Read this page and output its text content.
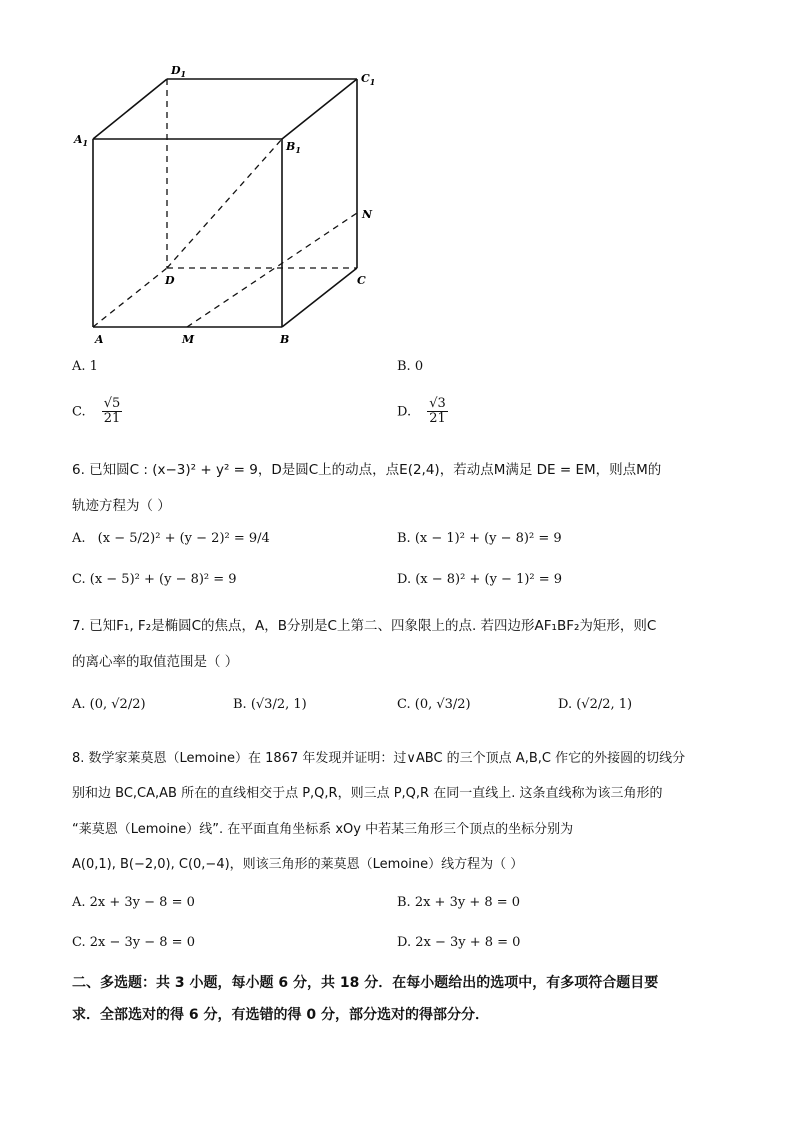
$A_1$
$D_1$	$C_1$
$B_1$
N
D	C
A	M	B
A. 1	B. 0
C. $\frac{√5}{21}$	D. $\frac{√3}{21}$
6. 已知圆C : (x−3)² + y² = 9，D是圆C上的动点，点E(2,4)，若动点M满足 DE = EM，则点M的
轨迹方程为（ ）
A. (x − 5/2)² + (y − 2)² = 9/4	B. (x − 1)² + (y − 8)² = 9
C. (x − 5)² + (y − 8)² = 9	D. (x − 8)² + (y − 1)² = 9
7. 已知F₁, F₂是椭圆C的焦点，A，B分别是C上第二、四象限上的点. 若四边形AF₁BF₂为矩形，则C
的离心率的取值范围是（ ）
A. (0, √2/2)	B. (√3/2, 1)	C. (0, √3/2)	D. (√2/2, 1)
8. 数学家莱莫恩（Lemoine）在 1867 年发现并证明：过∨ABC 的三个顶点 A,B,C 作它的外接圆的切线分
别和边 BC,CA,AB 所在的直线相交于点 P,Q,R，则三点 P,Q,R 在同一直线上. 这条直线称为该三角形的
“莱莫恩（Lemoine）线”. 在平面直角坐标系 xOy 中若某三角形三个顶点的坐标分别为
A(0,1), B(−2,0), C(0,−4)，则该三角形的莱莫恩（Lemoine）线方程为（ ）
A. 2x + 3y − 8 = 0	B. 2x + 3y + 8 = 0
C. 2x − 3y − 8 = 0	D. 2x − 3y + 8 = 0
二、多选题：共 3 小题，每小题 6 分，共 18 分．在每小题给出的选项中，有多项符合题目要
求．全部选对的得 6 分，有选错的得 0 分，部分选对的得部分分．
